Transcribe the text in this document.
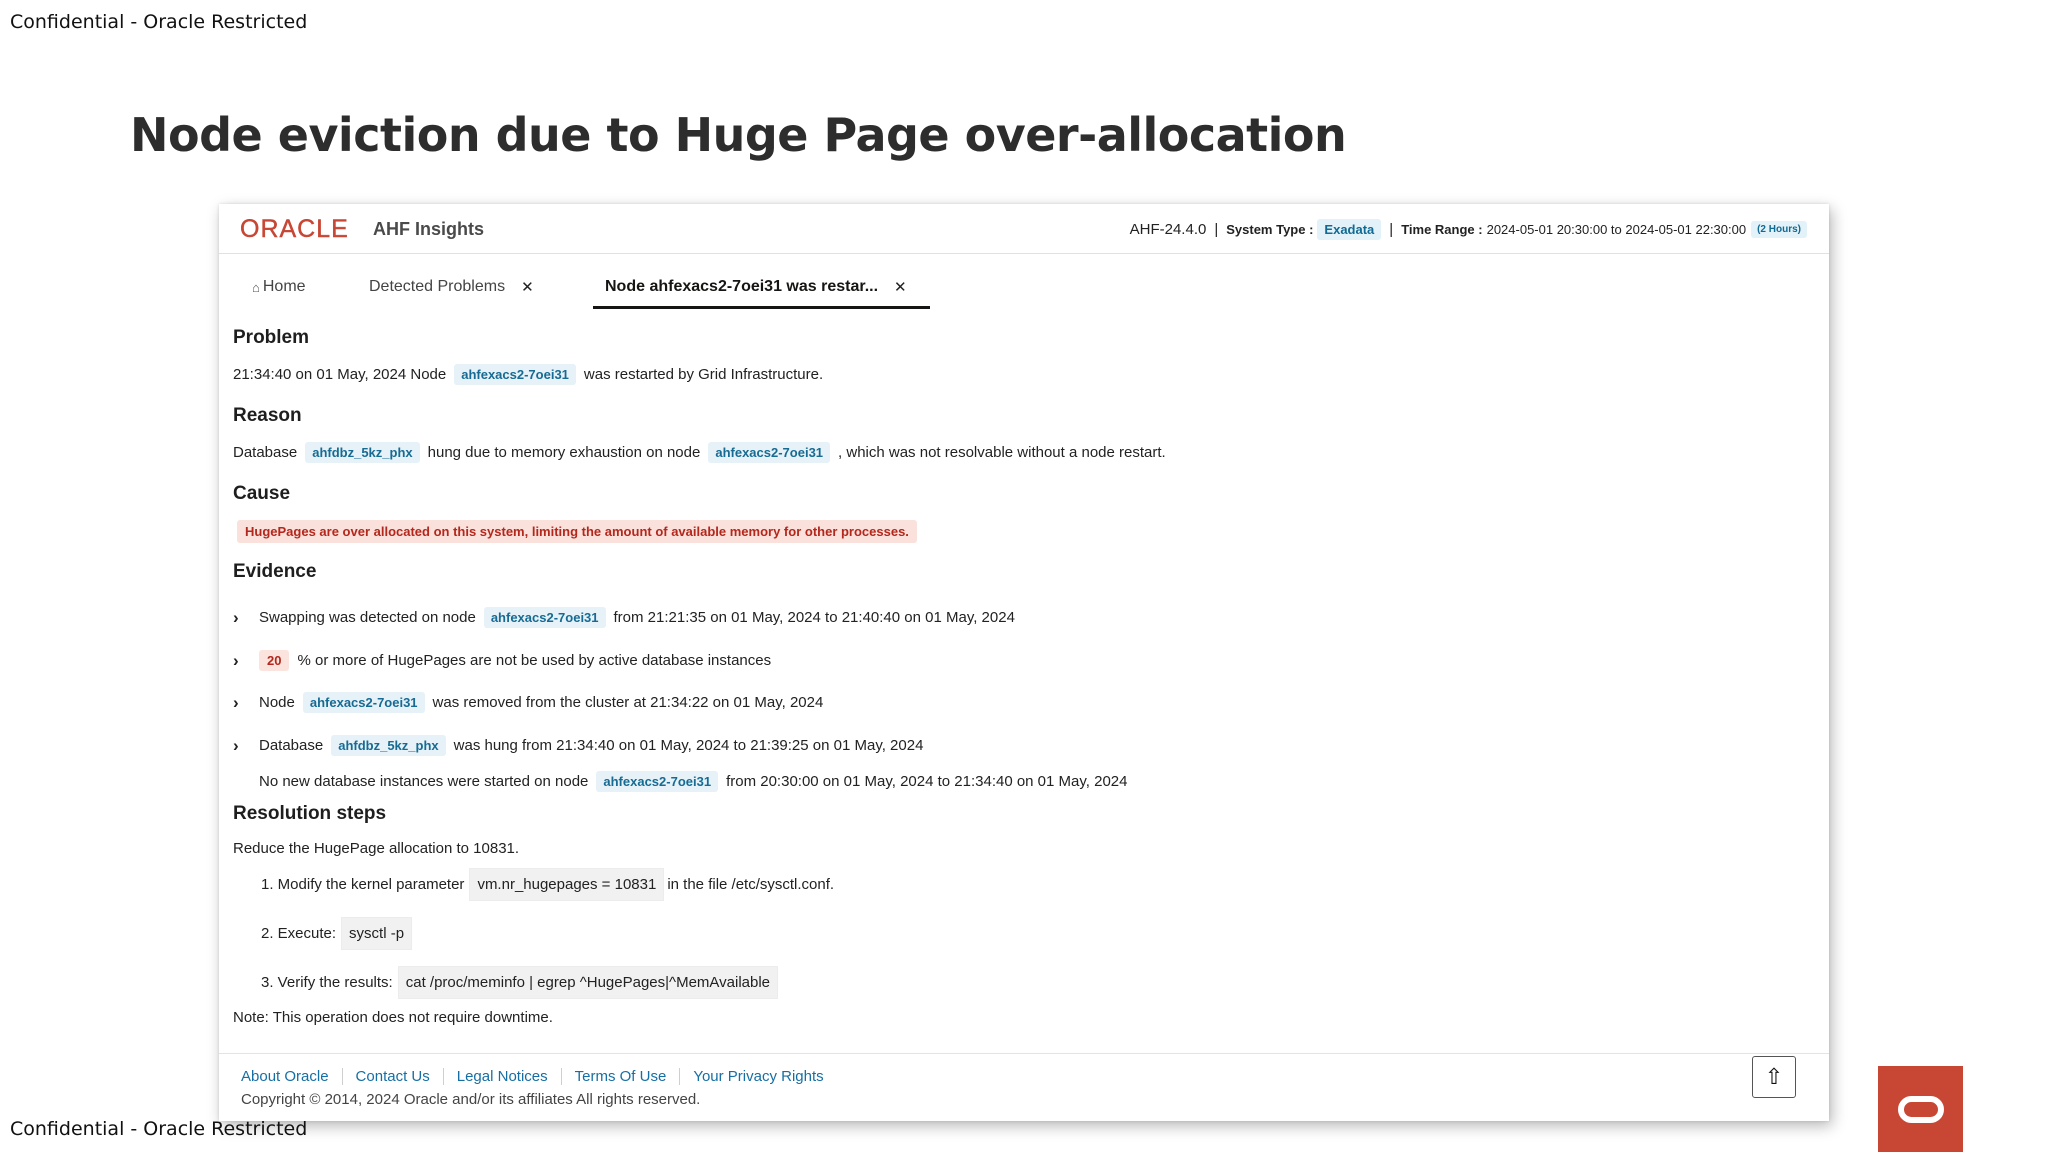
Confidential - Oracle Restricted
Node eviction due to Huge Page over-allocation
ORACLE AHF Insights	AHF-24.4.0 | System Type : Exadata	| Time Range : 2024-05-01 20:30:00 to 2024-05-01 22:30:00	(2 Hours)
⌂ Home	Detected Problems ✕	Node ahfexacs2-7oei31 was restar... ✕
Problem
21:34:40 on 01 May, 2024 Node	ahfexacs2-7oei31	was restarted by Grid Infrastructure.
Reason
Database	ahfdbz_5kz_phx	hung due to memory exhaustion on node	ahfexacs2-7oei31	, which was not resolvable without a node restart.
Cause
HugePages are over allocated on this system, limiting the amount of available memory for other processes.
Evidence
›	Swapping was detected on node	ahfexacs2-7oei31	from 21:21:35 on 01 May, 2024 to 21:40:40 on 01 May, 2024
›	20	% or more of HugePages are not be used by active database instances
›	Node	ahfexacs2-7oei31	was removed from the cluster at 21:34:22 on 01 May, 2024
›	Database	ahfdbz_5kz_phx	was hung from 21:34:40 on 01 May, 2024 to 21:39:25 on 01 May, 2024
No new database instances were started on node	ahfexacs2-7oei31	from 20:30:00 on 01 May, 2024 to 21:34:40 on 01 May, 2024
Resolution steps
Reduce the HugePage allocation to 10831.
1. Modify the kernel parameter vm.nr_hugepages = 10831 in the file /etc/sysctl.conf.
2. Execute: sysctl -p
3. Verify the results: cat /proc/meminfo | egrep ^HugePages|^MemAvailable
Note: This operation does not require downtime.
About Oracle	Contact Us	Legal Notices	Terms Of Use	Your Privacy Rights
Copyright © 2014, 2024 Oracle and/or its affiliates All rights reserved.
⇧
Confidential - Oracle Restricted
